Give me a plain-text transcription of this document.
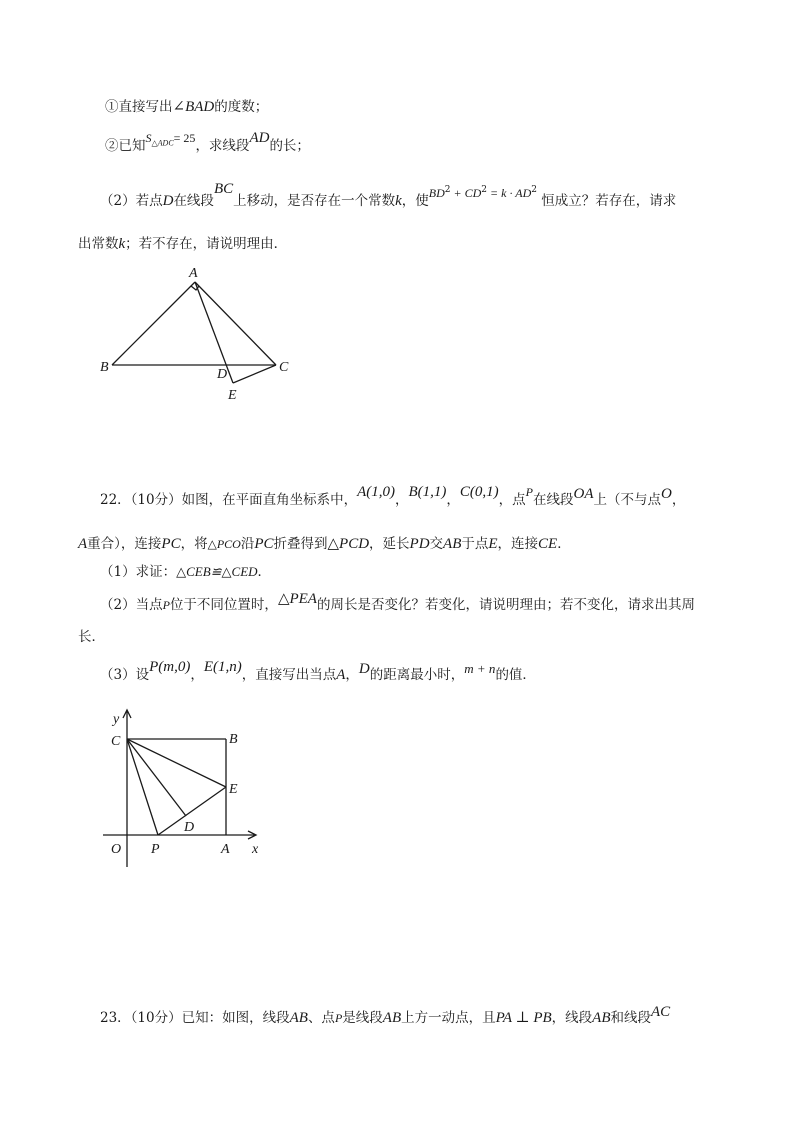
①直接写出∠BAD的度数；
②已知$S_{\triangle ADC}= 25$，求线段AD的长；
（2）若点D在线段BC上移动，是否存在一个常数k，使$BD^2 + CD^2 = k \cdot AD^2$ 恒成立？若存在，请求
出常数k；若不存在，请说明理由．
A
B	C
D
E
22．（10分）如图，在平面直角坐标系中，A(1,0)，B(1,1)，C(0,1)，点P在线段OA上（不与点O，
A重合），连接PC，将△PCO沿PC折叠得到△PCD，延长PD交AB于点E，连接CE．
（1）求证：△CEB≌△CED．
（2）当点P位于不同位置时，△PEA的周长是否变化？若变化，请说明理由；若不变化，请求出其周
长．
（3）设P(m,0)，E(1,n)，直接写出当点A，D的距离最小时，m + n的值．
y
x
O P	A
B
C
D
E
23．（10分）已知：如图，线段AB、点P是线段AB上方一动点，且PA ⊥ PB，线段AB和线段AC
